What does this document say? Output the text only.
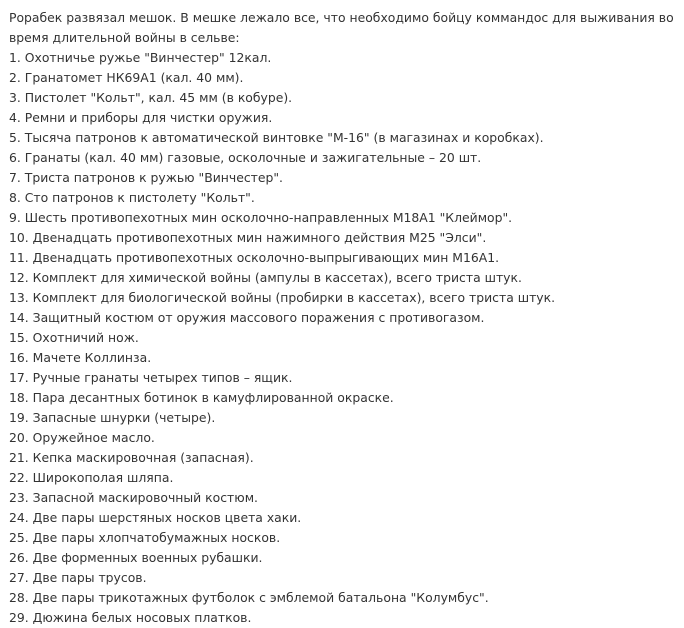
Рорабек развязал мешок. В мешке лежало все, что необходимо бойцу коммандос для выживания во время длительной войны в сельве:

1. Охотничье ружье "Винчестер" 12кал.
2. Гранатомет НК69А1 (кал. 40 мм).
3. Пистолет "Кольт", кал. 45 мм (в кобуре).
4. Ремни и приборы для чистки оружия.
5. Тысяча патронов к автоматической винтовке "М-16" (в магазинах и коробках).
6. Гранаты (кал. 40 мм) газовые, осколочные и зажигательные – 20 шт.
7. Триста патронов к ружью "Винчестер".
8. Сто патронов к пистолету "Кольт".
9. Шесть противопехотных мин осколочно-направленных М18А1 "Клеймор".
10. Двенадцать противопехотных мин нажимного действия М25 "Элси".
11. Двенадцать противопехотных осколочно-выпрыгивающих мин М16А1.
12. Комплект для химической войны (ампулы в кассетах), всего триста штук.
13. Комплект для биологической войны (пробирки в кассетах), всего триста штук.
14. Защитный костюм от оружия массового поражения с противогазом.
15. Охотничий нож.
16. Мачете Коллинза.
17. Ручные гранаты четырех типов – ящик.
18. Пара десантных ботинок в камуфлированной окраске.
19. Запасные шнурки (четыре).
20. Оружейное масло.
21. Кепка маскировочная (запасная).
22. Широкополая шляпа.
23. Запасной маскировочный костюм.
24. Две пары шерстяных носков цвета хаки.
25. Две пары хлопчатобумажных носков.
26. Две форменных военных рубашки.
27. Две пары трусов.
28. Две пары трикотажных футболок с эмблемой батальона "Колумбус".
29. Дюжина белых носовых платков.
